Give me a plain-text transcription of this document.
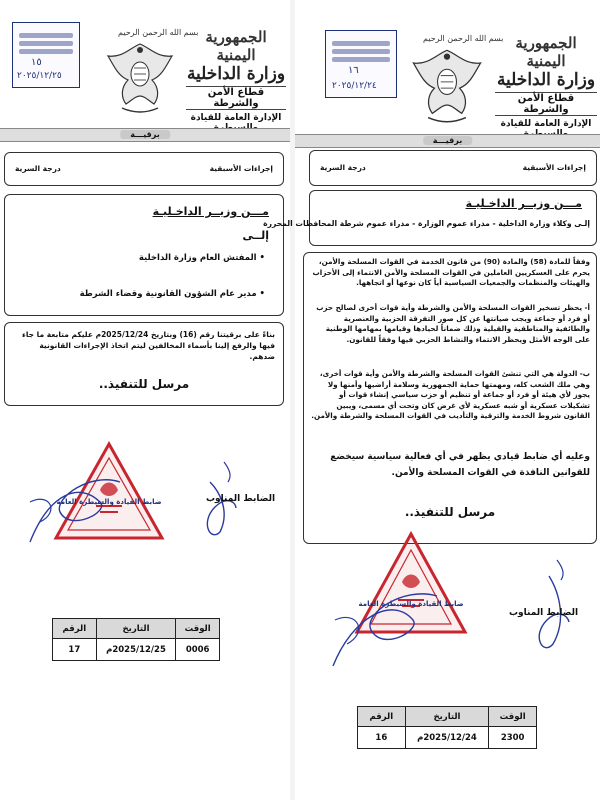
١٥
٢٠٢٥/١٢/٢٥
بسم الله الرحمن الرحيم الجمهورية اليمنية
وزارة الداخلية
قطاع الأمن والشرطة
الإدارة العامة للقيادة
برقيـــة
إجراءات الأسبقية
درجة السرية
مـــن وزيــر الداخـليـة
إلــى
• المفتش العام وزارة الداخلية
• مدير عام الشؤون القانونية وقضاء الشرطة
بناءً على برقيتنا رقم (16) وبتاريخ 2025/12/24م عليكم متابعة ما جاء فيها والرفع إلينا بأسماء المخالفين ليتم اتخاذ الإجراءات القانونية ضدهم.
مرسل للتنفيذ..
ضابط القيادة والسيطرة العامة	الضابط المناوب
الوقت	التاريخ	الرقم
0006	2025/12/25م	17
١٦
٢٠٢٥/١٢/٢٤
بسم الله الرحمن الرحيم الجمهورية اليمنية
وزارة الداخلية
قطاع الأمن والشرطة
الإدارة العامة للقيادة
برقيـــة
إجراءات الأسبقية
درجة السرية
مـــن وزيــر الداخـليـة
إلـى وكلاء وزارة الداخلية - مدراء عموم الوزارة - مدراء عموم شرطة المحافظات المحررة
وفقاً للمادة (58) والمادة (90) من قانون الخدمة في القوات المسلحة والأمن، يحرم على العسكريين العاملين في القوات المسلحة والأمن الانتماء إلى الأحزاب والهيئات والمنظمات والجمعيات السياسية أياً كان نوعها أو اتجاهها.
أ- يحظر تسخير القوات المسلحة والأمن والشرطة وأية قوات أخرى لصالح حزب أو فرد أو جماعة ويجب صيانتها عن كل صور التفرقة الحزبية والعنصرية والطائفية والمناطقية والقبلية وذلك ضماناً لحيادها وقيامها بمهامها الوطنية على الوجه الأمثل ويحظر الانتماء والنشاط الحزبي فيها وفقاً للقانون.
ب- الدولة هي التي تنشئ القوات المسلحة والشرطة والأمن وأية قوات أخرى، وهي ملك الشعب كله، ومهمتها حماية الجمهورية وسلامة أراضيها وأمنها ولا يجوز لأي هيئة أو فرد أو جماعة أو تنظيم أو حزب سياسي إنشاء قوات أو تشكيلات عسكرية أو شبه عسكرية لأي غرض كان وتحت أي مسمى، ويبين القانون شروط الخدمة والترقية والتأديب في القوات المسلحة والشرطة والأمن.
وعليه أي ضابط قيادي يظهر في أي فعالية سياسية سيخضع للقوانين النافذة في القوات المسلحة والأمن.
مرسل للتنفيذ..
ضابط القيادة والسيطرة العامة
الضابط المناوب
الوقت	التاريخ	الرقم
2300	2025/12/24م	16
